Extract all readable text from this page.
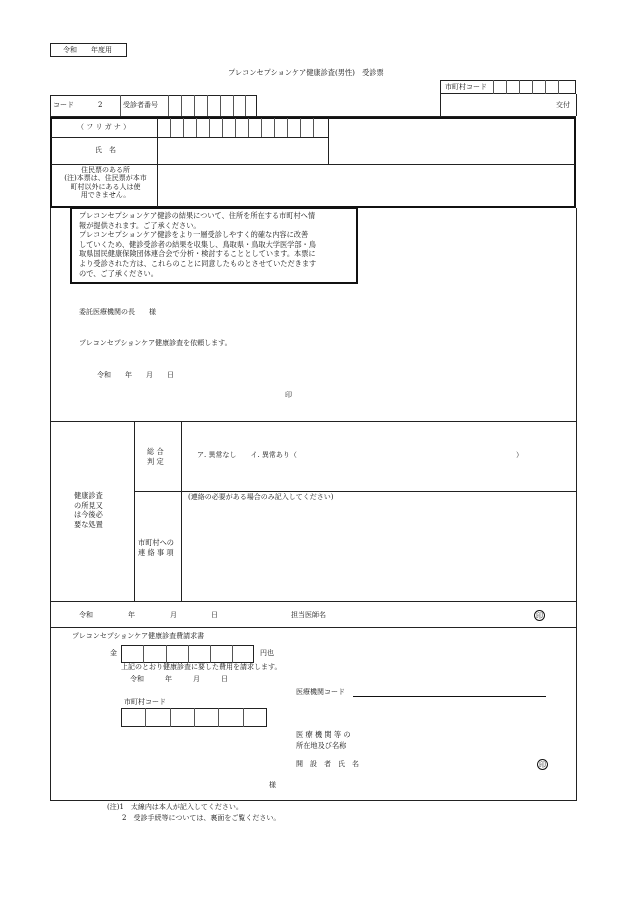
令和　　年度用
プレコンセプションケア健康診査(男性)　受診票
市町村コード
コード	2	受診者番号	交付
（ フ リ ガ ナ ）
氏　名
住民票のある所
(注)本票は、住民票が本市
町村以外にある人は使
用できません。
プレコンセプションケア健診の結果について、住所を所在する市町村へ情
報が提供されます。ご了承ください。
プレコンセプションケア健診をより一層受診しやすく的確な内容に改善
していくため、健診受診者の結果を収集し、鳥取県・鳥取大学医学部・鳥
取県国民健康保険団体連合会で分析・検討することとしています。本票に
より受診された方は、これらのことに同意したものとさせていただきます
ので、ご了承ください。
委託医療機関の長　　様
プレコンセプションケア健康診査を依頼します。
令和　　年　　月　　日
印
健康診査
の所見又
は今後必
要な処置
総 合
判 定
ア. 異常なし　　イ. 異常あり（	）
市町村への
連 絡 事 項
(連絡の必要がある場合のみ記入してください)
令和	年	月	日	担当医師名	印
プレコンセプションケア健康診査費請求書
金	円也
上記のとおり健康診査に要した費用を請求します。
令和　　　年　　　月　　　日
医療機関コード
市町村コード
医 療 機 関 等 の
所在地及び名称
開　設　者　氏　名	印
様
(注)1　太線内は本人が記入してください。
2　受診手続等については、裏面をご覧ください。
